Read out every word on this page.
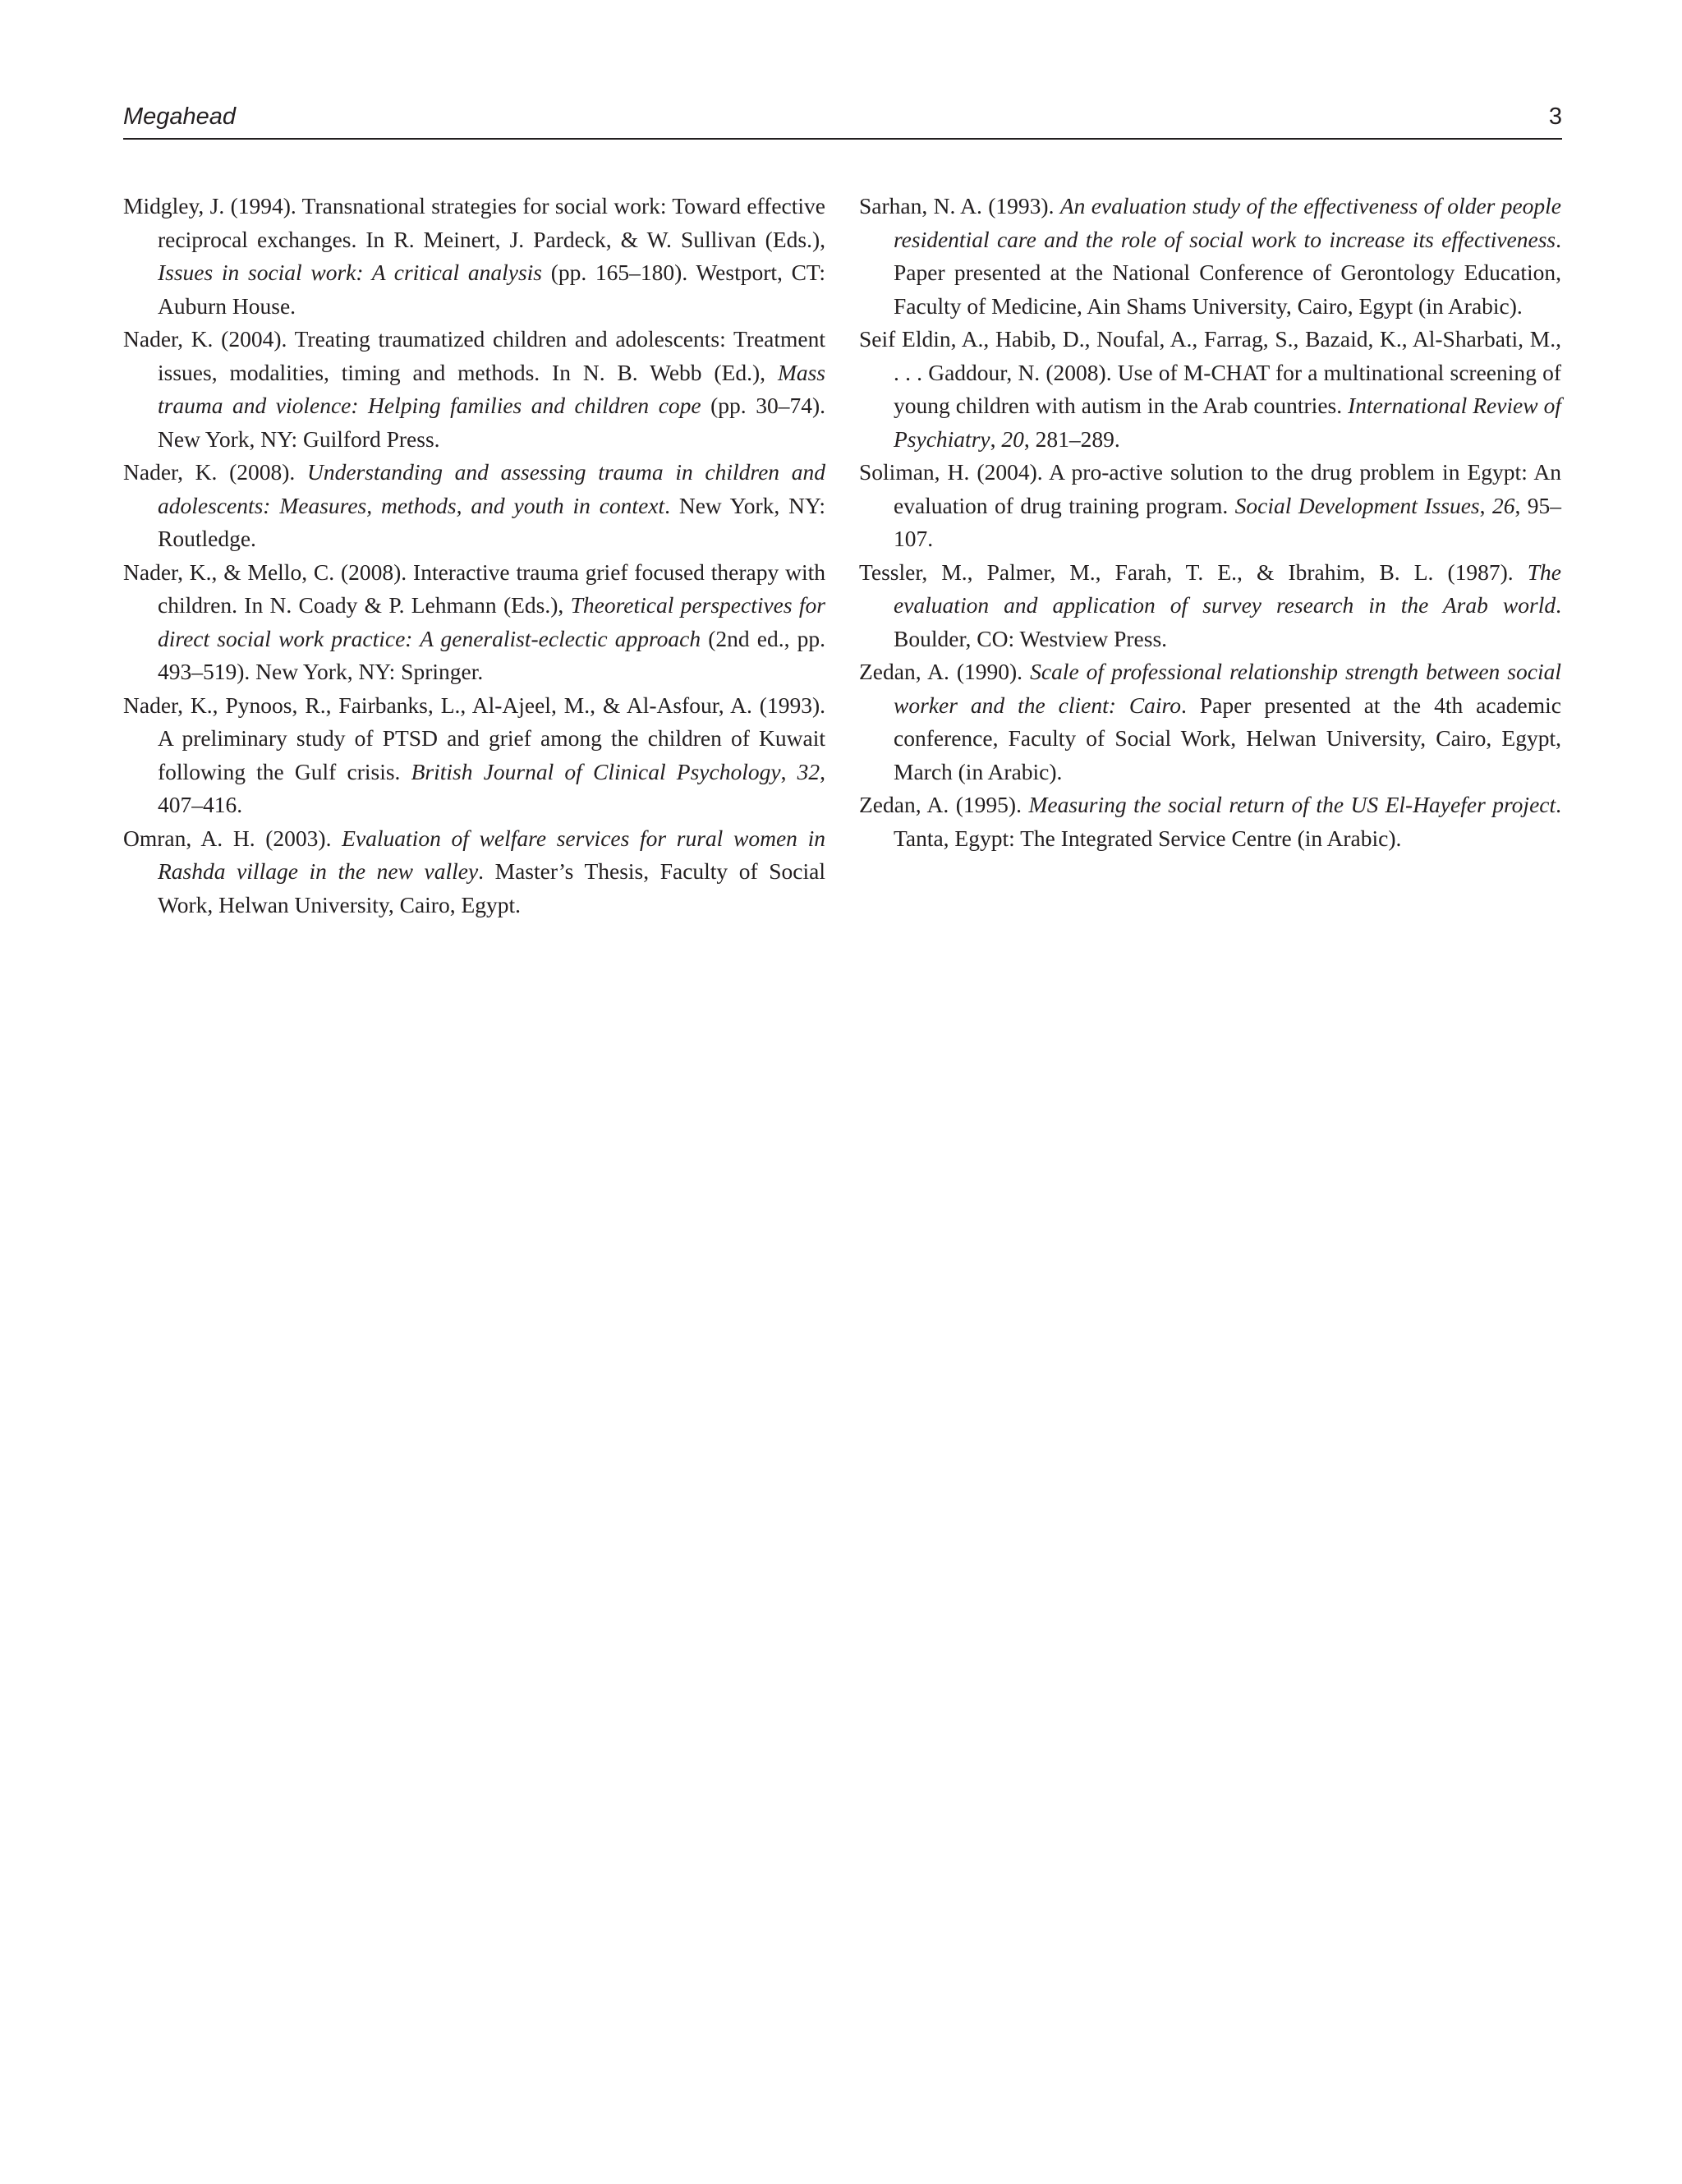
Megahead	3

Midgley, J. (1994). Transnational strategies for social work: Toward effective reciprocal exchanges. In R. Meinert, J. Pardeck, & W. Sullivan (Eds.), Issues in social work: A critical analysis (pp. 165–180). Westport, CT: Auburn House.

Nader, K. (2004). Treating traumatized children and adolescents: Treatment issues, modalities, timing and methods. In N. B. Webb (Ed.), Mass trauma and violence: Helping families and children cope (pp. 30–74). New York, NY: Guilford Press.

Nader, K. (2008). Understanding and assessing trauma in children and adolescents: Measures, methods, and youth in context. New York, NY: Routledge.

Nader, K., & Mello, C. (2008). Interactive trauma grief focused therapy with children. In N. Coady & P. Lehmann (Eds.), Theoretical perspectives for direct social work practice: A generalist-eclectic approach (2nd ed., pp. 493–519). New York, NY: Springer.

Nader, K., Pynoos, R., Fairbanks, L., Al-Ajeel, M., & Al-Asfour, A. (1993). A preliminary study of PTSD and grief among the children of Kuwait following the Gulf crisis. British Journal of Clinical Psychology, 32, 407–416.

Omran, A. H. (2003). Evaluation of welfare services for rural women in Rashda village in the new valley. Master’s Thesis, Faculty of Social Work, Helwan University, Cairo, Egypt.

Sarhan, N. A. (1993). An evaluation study of the effectiveness of older people residential care and the role of social work to increase its effectiveness. Paper presented at the National Conference of Gerontology Education, Faculty of Medicine, Ain Shams University, Cairo, Egypt (in Arabic).

Seif Eldin, A., Habib, D., Noufal, A., Farrag, S., Bazaid, K., Al-Sharbati, M., . . . Gaddour, N. (2008). Use of M-CHAT for a multinational screening of young children with autism in the Arab countries. International Review of Psychiatry, 20, 281–289.

Soliman, H. (2004). A pro-active solution to the drug problem in Egypt: An evaluation of drug training program. Social Development Issues, 26, 95–107.

Tessler, M., Palmer, M., Farah, T. E., & Ibrahim, B. L. (1987). The evaluation and application of survey research in the Arab world. Boulder, CO: Westview Press.

Zedan, A. (1990). Scale of professional relationship strength between social worker and the client: Cairo. Paper presented at the 4th academic conference, Faculty of Social Work, Helwan University, Cairo, Egypt, March (in Arabic).

Zedan, A. (1995). Measuring the social return of the US El-Hayefer project. Tanta, Egypt: The Integrated Service Centre (in Arabic).
